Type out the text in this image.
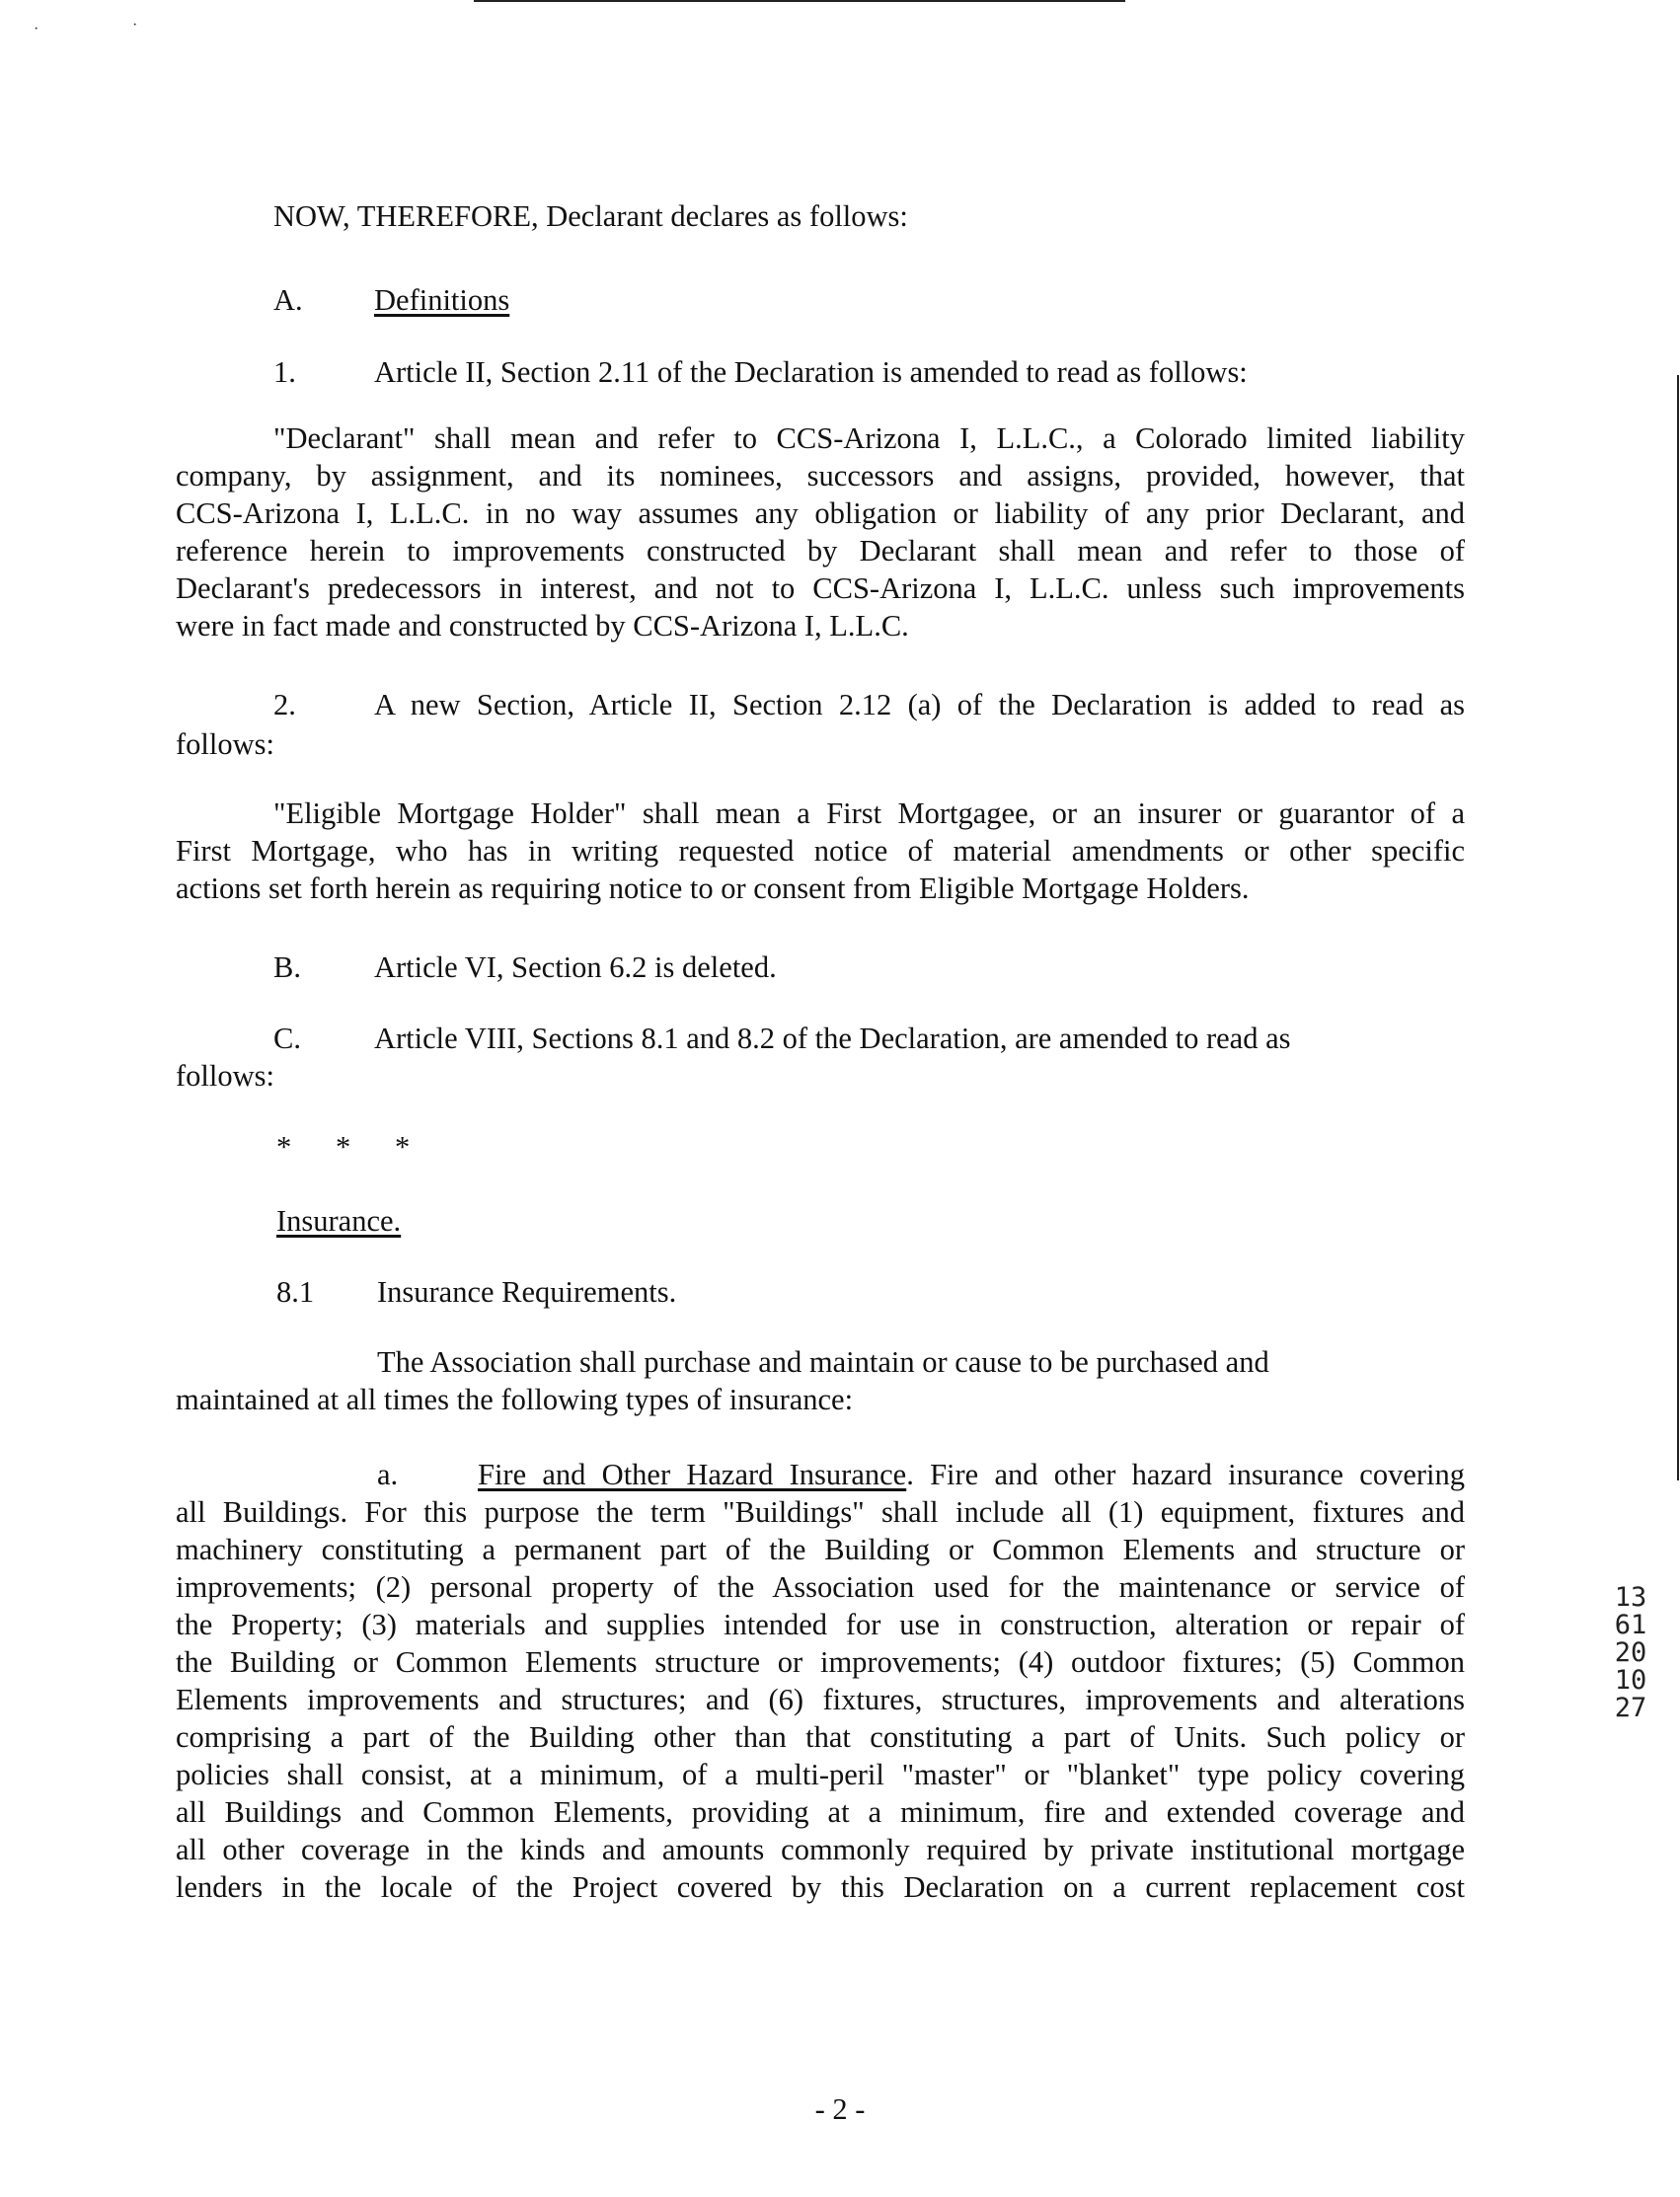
·	·
NOW, THEREFORE, Declarant declares as follows:
A. Definitions
1.	Article II, Section 2.11 of the Declaration is amended to read as follows:
"Declarant" shall mean and refer to CCS-Arizona I, L.L.C., a Colorado limited liability
company, by assignment, and its nominees, successors and assigns, provided, however, that
CCS-Arizona I, L.L.C. in no way assumes any obligation or liability of any prior Declarant, and
reference herein to improvements constructed by Declarant shall mean and refer to those of
Declarant's predecessors in interest, and not to CCS-Arizona I, L.L.C. unless such improvements
were in fact made and constructed by CCS-Arizona I, L.L.C.
2.	A new Section, Article II, Section 2.12 (a) of the Declaration is added to read as
follows:
"Eligible Mortgage Holder" shall mean a First Mortgagee, or an insurer or guarantor of a
First Mortgage, who has in writing requested notice of material amendments or other specific
actions set forth herein as requiring notice to or consent from Eligible Mortgage Holders.
B. Article VI, Section 6.2 is deleted.
C. Article VIII, Sections 8.1 and 8.2 of the Declaration, are amended to read as
follows:
* * *
Insurance.
8.1 Insurance Requirements.
The Association shall purchase and maintain or cause to be purchased and
maintained at all times the following types of insurance:
a.	Fire and Other Hazard Insurance. Fire and other hazard insurance covering
all Buildings. For this purpose the term "Buildings" shall include all (1) equipment, fixtures and
machinery constituting a permanent part of the Building or Common Elements and structure or
improvements; (2) personal property of the Association used for the maintenance or service of
the Property; (3) materials and supplies intended for use in construction, alteration or repair of
the Building or Common Elements structure or improvements; (4) outdoor fixtures; (5) Common
Elements improvements and structures; and (6) fixtures, structures, improvements and alterations
comprising a part of the Building other than that constituting a part of Units. Such policy or
policies shall consist, at a minimum, of a multi-peril "master" or "blanket" type policy covering
all Buildings and Common Elements, providing at a minimum, fire and extended coverage and
all other coverage in the kinds and amounts commonly required by private institutional mortgage
lenders in the locale of the Project covered by this Declaration on a current replacement cost
1361201027
- 2 -
